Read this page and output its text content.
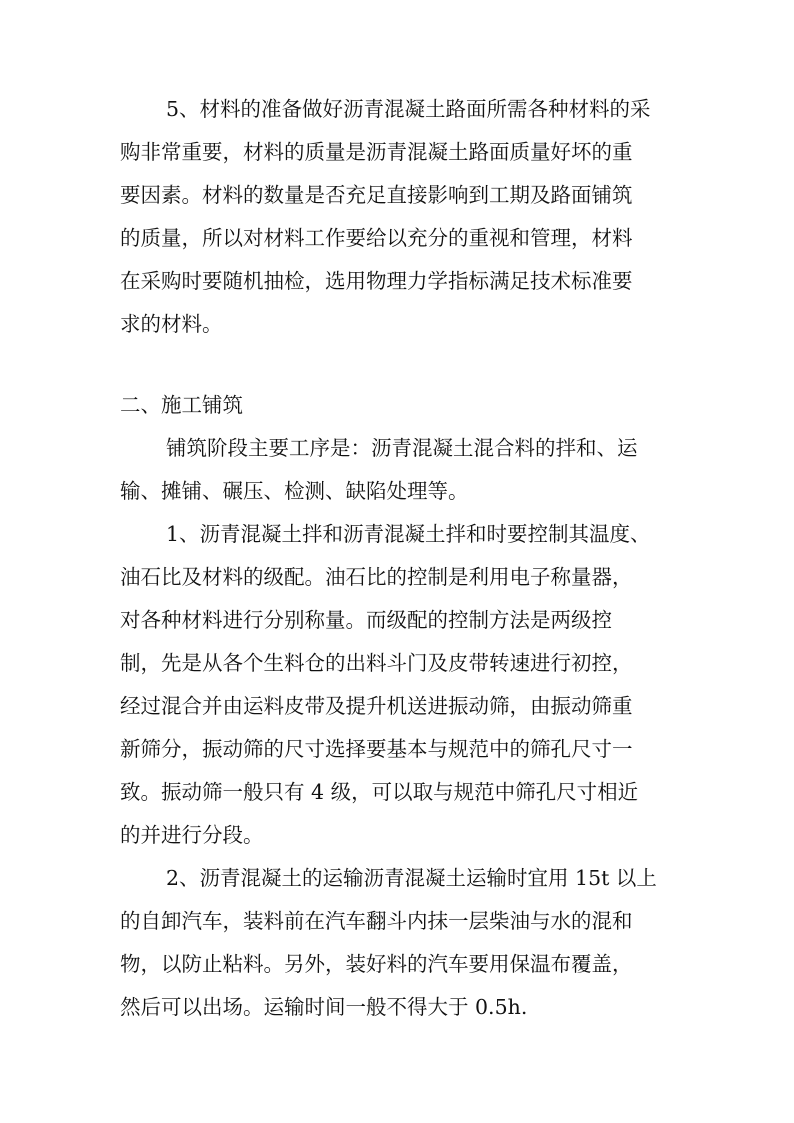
5、材料的准备做好沥青混凝土路面所需各种材料的采
购非常重要，材料的质量是沥青混凝土路面质量好坏的重
要因素。材料的数量是否充足直接影响到工期及路面铺筑
的质量，所以对材料工作要给以充分的重视和管理，材料
在采购时要随机抽检，选用物理力学指标满足技术标准要
求的材料。
二、施工铺筑
铺筑阶段主要工序是：沥青混凝土混合料的拌和、运
输、摊铺、碾压、检测、缺陷处理等。
1、沥青混凝土拌和沥青混凝土拌和时要控制其温度、
油石比及材料的级配。油石比的控制是利用电子称量器，
对各种材料进行分别称量。而级配的控制方法是两级控
制，先是从各个生料仓的出料斗门及皮带转速进行初控，
经过混合并由运料皮带及提升机送进振动筛，由振动筛重
新筛分，振动筛的尺寸选择要基本与规范中的筛孔尺寸一
致。振动筛一般只有 4 级，可以取与规范中筛孔尺寸相近
的并进行分段。
2、沥青混凝土的运输沥青混凝土运输时宜用 15t 以上
的自卸汽车，装料前在汽车翻斗内抹一层柴油与水的混和
物，以防止粘料。另外，装好料的汽车要用保温布覆盖，
然后可以出场。运输时间一般不得大于 0.5h.
